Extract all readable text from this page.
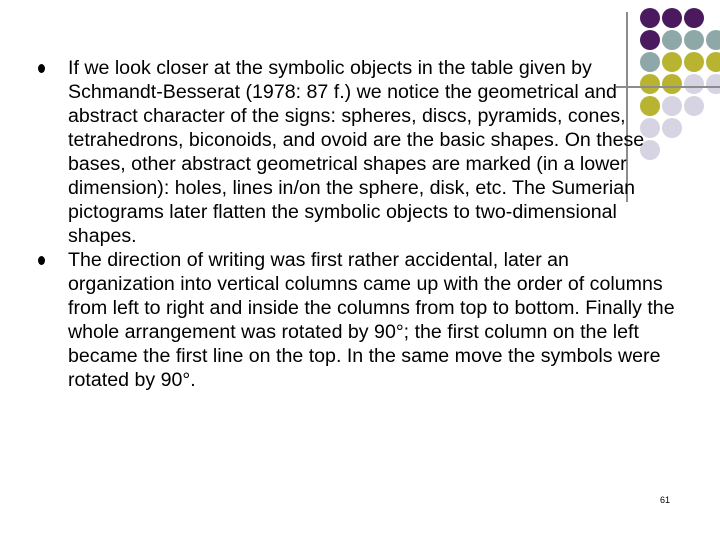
If we look closer at the symbolic objects in the table given by Schmandt-Besserat (1978: 87 f.) we notice the geometrical and abstract character of the signs: spheres, discs, pyramids, cones, tetrahedrons, biconoids, and ovoid are the basic shapes. On these bases, other abstract geometrical shapes are marked (in a lower dimension): holes, lines in/on the sphere, disk, etc. The Sumerian pictograms later flatten the symbolic objects to two-dimensional shapes.
The direction of writing was first rather accidental, later an organization into vertical columns came up with the order of columns from left to right and inside the columns from top to bottom. Finally the whole arrangement was rotated by 90°; the first column on the left became the first line on the top. In the same move the symbols were rotated by 90°.
61
